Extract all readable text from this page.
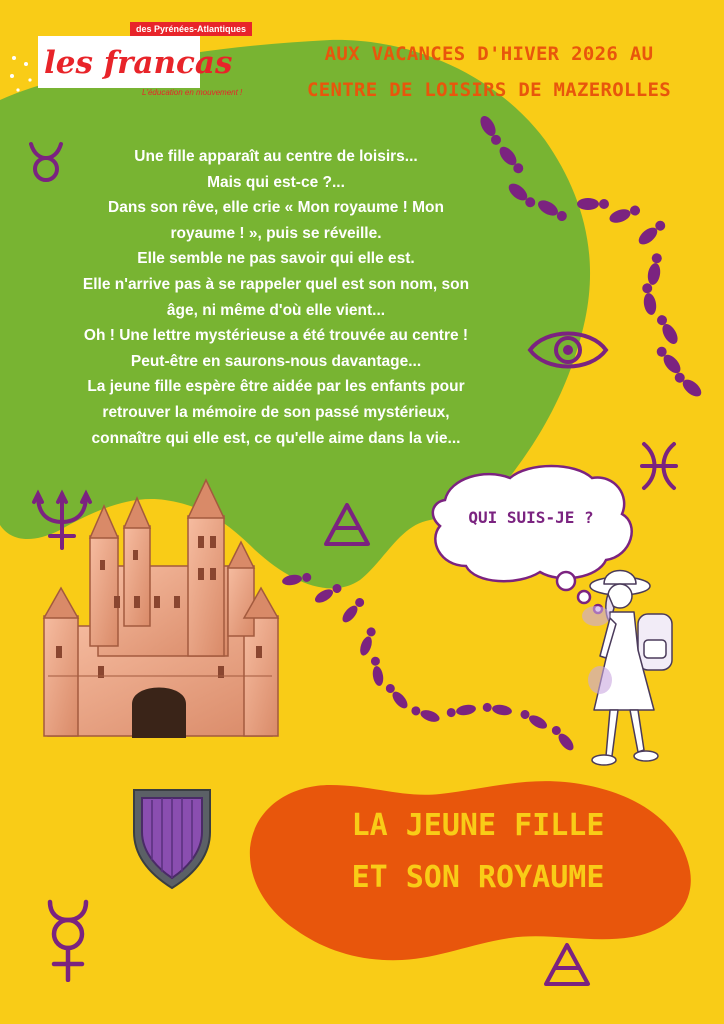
des Pyrénées-Atlantiques
les francas
L'éducation en mouvement !
AUX VACANCES D'HIVER 2026 AU
CENTRE DE LOISIRS DE MAZEROLLES
Une fille apparaît au centre de loisirs...
Mais qui est-ce ?...
Dans son rêve, elle crie « Mon royaume ! Mon
royaume ! », puis se réveille.
Elle semble ne pas savoir qui elle est.
Elle n'arrive pas à se rappeler quel est son nom, son
âge, ni même d'où elle vient...
Oh ! Une lettre mystérieuse a été trouvée au centre !
Peut-être en saurons-nous davantage...
La jeune fille espère être aidée par les enfants pour
retrouver la mémoire de son passé mystérieux,
connaître qui elle est, ce qu'elle aime dans la vie...
QUI SUIS-JE ?
LA JEUNE FILLE
ET SON ROYAUME
